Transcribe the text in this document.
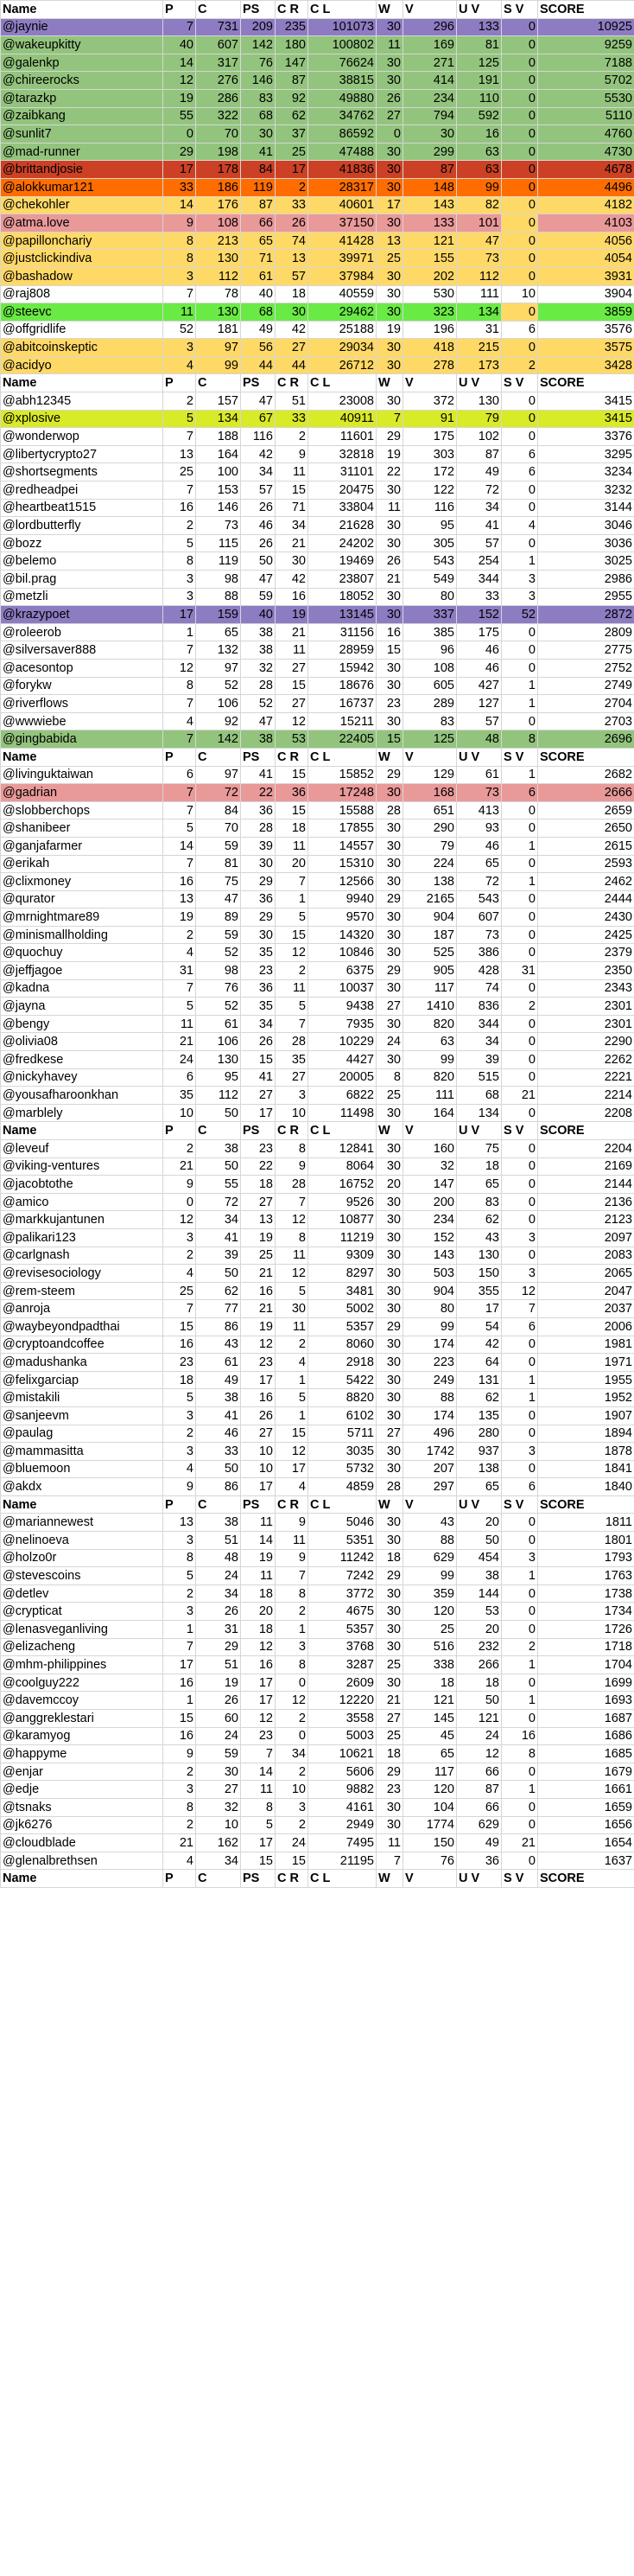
Name	P	C	PS	C R	C L	W	V	U V	S V	SCORE
@jaynie	7	731	209	235	101073	30	296	133	0	10925
@wakeupkitty	40	607	142	180	100802	11	169	81	0	9259
@galenkp	14	317	76	147	76624	30	271	125	0	7188
@chireerocks	12	276	146	87	38815	30	414	191	0	5702
@tarazkp	19	286	83	92	49880	26	234	110	0	5530
@zaibkang	55	322	68	62	34762	27	794	592	0	5110
@sunlit7	0	70	30	37	86592	0	30	16	0	4760
@mad-runner	29	198	41	25	47488	30	299	63	0	4730
@brittandjosie	17	178	84	17	41836	30	87	63	0	4678
@alokkumar121	33	186	119	2	28317	30	148	99	0	4496
@chekohler	14	176	87	33	40601	17	143	82	0	4182
@atma.love	9	108	66	26	37150	30	133	101	0	4103
@papillonchariy	8	213	65	74	41428	13	121	47	0	4056
@justclickindiva	8	130	71	13	39971	25	155	73	0	4054
@bashadow	3	112	61	57	37984	30	202	112	0	3931
@raj808	7	78	40	18	40559	30	530	111	10	3904
@steevc	11	130	68	30	29462	30	323	134	0	3859
@offgridlife	52	181	49	42	25188	19	196	31	6	3576
@abitcoinskeptic	3	97	56	27	29034	30	418	215	0	3575
@acidyo	4	99	44	44	26712	30	278	173	2	3428
Name	P	C	PS	C R	C L	W	V	U V	S V	SCORE
@abh12345	2	157	47	51	23008	30	372	130	0	3415
@xplosive	5	134	67	33	40911	7	91	79	0	3415
@wonderwop	7	188	116	2	11601	29	175	102	0	3376
@libertycrypto27	13	164	42	9	32818	19	303	87	6	3295
@shortsegments	25	100	34	11	31101	22	172	49	6	3234
@redheadpei	7	153	57	15	20475	30	122	72	0	3232
@heartbeat1515	16	146	26	71	33804	11	116	34	0	3144
@lordbutterfly	2	73	46	34	21628	30	95	41	4	3046
@bozz	5	115	26	21	24202	30	305	57	0	3036
@belemo	8	119	50	30	19469	26	543	254	1	3025
@bil.prag	3	98	47	42	23807	21	549	344	3	2986
@metzli	3	88	59	16	18052	30	80	33	3	2955
@krazypoet	17	159	40	19	13145	30	337	152	52	2872
@roleerob	1	65	38	21	31156	16	385	175	0	2809
@silversaver888	7	132	38	11	28959	15	96	46	0	2775
@acesontop	12	97	32	27	15942	30	108	46	0	2752
@forykw	8	52	28	15	18676	30	605	427	1	2749
@riverflows	7	106	52	27	16737	23	289	127	1	2704
@wwwiebe	4	92	47	12	15211	30	83	57	0	2703
@gingbabida	7	142	38	53	22405	15	125	48	8	2696
Name	P	C	PS	C R	C L	W	V	U V	S V	SCORE
@livinguktaiwan	6	97	41	15	15852	29	129	61	1	2682
@gadrian	7	72	22	36	17248	30	168	73	6	2666
@slobberchops	7	84	36	15	15588	28	651	413	0	2659
@shanibeer	5	70	28	18	17855	30	290	93	0	2650
@ganjafarmer	14	59	39	11	14557	30	79	46	1	2615
@erikah	7	81	30	20	15310	30	224	65	0	2593
@clixmoney	16	75	29	7	12566	30	138	72	1	2462
@qurator	13	47	36	1	9940	29	2165	543	0	2444
@mrnightmare89	19	89	29	5	9570	30	904	607	0	2430
@minismallholding	2	59	30	15	14320	30	187	73	0	2425
@quochuy	4	52	35	12	10846	30	525	386	0	2379
@jeffjagoe	31	98	23	2	6375	29	905	428	31	2350
@kadna	7	76	36	11	10037	30	117	74	0	2343
@jayna	5	52	35	5	9438	27	1410	836	2	2301
@bengy	11	61	34	7	7935	30	820	344	0	2301
@olivia08	21	106	26	28	10229	24	63	34	0	2290
@fredkese	24	130	15	35	4427	30	99	39	0	2262
@nickyhavey	6	95	41	27	20005	8	820	515	0	2221
@yousafharoonkhan	35	112	27	3	6822	25	111	68	21	2214
@marblely	10	50	17	10	11498	30	164	134	0	2208
Name	P	C	PS	C R	C L	W	V	U V	S V	SCORE
@leveuf	2	38	23	8	12841	30	160	75	0	2204
@viking-ventures	21	50	22	9	8064	30	32	18	0	2169
@jacobtothe	9	55	18	28	16752	20	147	65	0	2144
@amico	0	72	27	7	9526	30	200	83	0	2136
@markkujantunen	12	34	13	12	10877	30	234	62	0	2123
@palikari123	3	41	19	8	11219	30	152	43	3	2097
@carlgnash	2	39	25	11	9309	30	143	130	0	2083
@revisesociology	4	50	21	12	8297	30	503	150	3	2065
@rem-steem	25	62	16	5	3481	30	904	355	12	2047
@anroja	7	77	21	30	5002	30	80	17	7	2037
@waybeyondpadthai	15	86	19	11	5357	29	99	54	6	2006
@cryptoandcoffee	16	43	12	2	8060	30	174	42	0	1981
@madushanka	23	61	23	4	2918	30	223	64	0	1971
@felixgarciap	18	49	17	1	5422	30	249	131	1	1955
@mistakili	5	38	16	5	8820	30	88	62	1	1952
@sanjeevm	3	41	26	1	6102	30	174	135	0	1907
@paulag	2	46	27	15	5711	27	496	280	0	1894
@mammasitta	3	33	10	12	3035	30	1742	937	3	1878
@bluemoon	4	50	10	17	5732	30	207	138	0	1841
@akdx	9	86	17	4	4859	28	297	65	6	1840
Name	P	C	PS	C R	C L	W	V	U V	S V	SCORE
@mariannewest	13	38	11	9	5046	30	43	20	0	1811
@nelinoeva	3	51	14	11	5351	30	88	50	0	1801
@holzo0r	8	48	19	9	11242	18	629	454	3	1793
@stevescoins	5	24	11	7	7242	29	99	38	1	1763
@detlev	2	34	18	8	3772	30	359	144	0	1738
@crypticat	3	26	20	2	4675	30	120	53	0	1734
@lenasveganliving	1	31	18	1	5357	30	25	20	0	1726
@elizacheng	7	29	12	3	3768	30	516	232	2	1718
@mhm-philippines	17	51	16	8	3287	25	338	266	1	1704
@coolguy222	16	19	17	0	2609	30	18	18	0	1699
@davemccoy	1	26	17	12	12220	21	121	50	1	1693
@anggreklestari	15	60	12	2	3558	27	145	121	0	1687
@karamyog	16	24	23	0	5003	25	45	24	16	1686
@happyme	9	59	7	34	10621	18	65	12	8	1685
@enjar	2	30	14	2	5606	29	117	66	0	1679
@edje	3	27	11	10	9882	23	120	87	1	1661
@tsnaks	8	32	8	3	4161	30	104	66	0	1659
@jk6276	2	10	5	2	2949	30	1774	629	0	1656
@cloudblade	21	162	17	24	7495	11	150	49	21	1654
@glenalbrethsen	4	34	15	15	21195	7	76	36	0	1637
Name	P	C	PS	C R	C L	W	V	U V	S V	SCORE
